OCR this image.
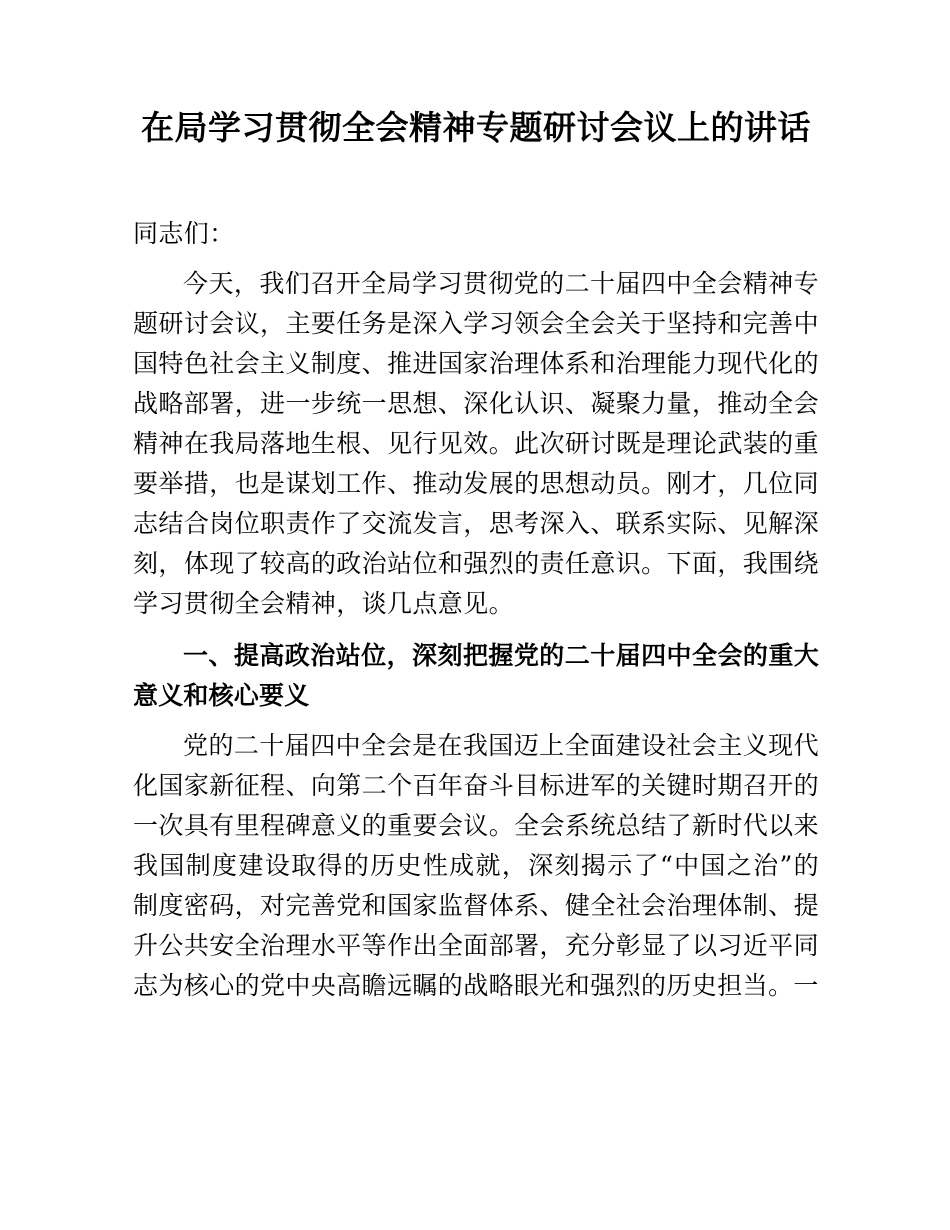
在局学习贯彻全会精神专题研讨会议上的讲话

同志们：

今天，我们召开全局学习贯彻党的二十届四中全会精神专题研讨会议，主要任务是深入学习领会全会关于坚持和完善中国特色社会主义制度、推进国家治理体系和治理能力现代化的战略部署，进一步统一思想、深化认识、凝聚力量，推动全会精神在我局落地生根、见行见效。此次研讨既是理论武装的重要举措，也是谋划工作、推动发展的思想动员。刚才，几位同志结合岗位职责作了交流发言，思考深入、联系实际、见解深刻，体现了较高的政治站位和强烈的责任意识。下面，我围绕学习贯彻全会精神，谈几点意见。

一、提高政治站位，深刻把握党的二十届四中全会的重大意义和核心要义

党的二十届四中全会是在我国迈上全面建设社会主义现代化国家新征程、向第二个百年奋斗目标进军的关键时期召开的一次具有里程碑意义的重要会议。全会系统总结了新时代以来我国制度建设取得的历史性成就，深刻揭示了“中国之治”的制度密码，对完善党和国家监督体系、健全社会治理体制、提升公共安全治理水平等作出全面部署，充分彰显了以习近平同志为核心的党中央高瞻远瞩的战略眼光和强烈的历史担当。一
